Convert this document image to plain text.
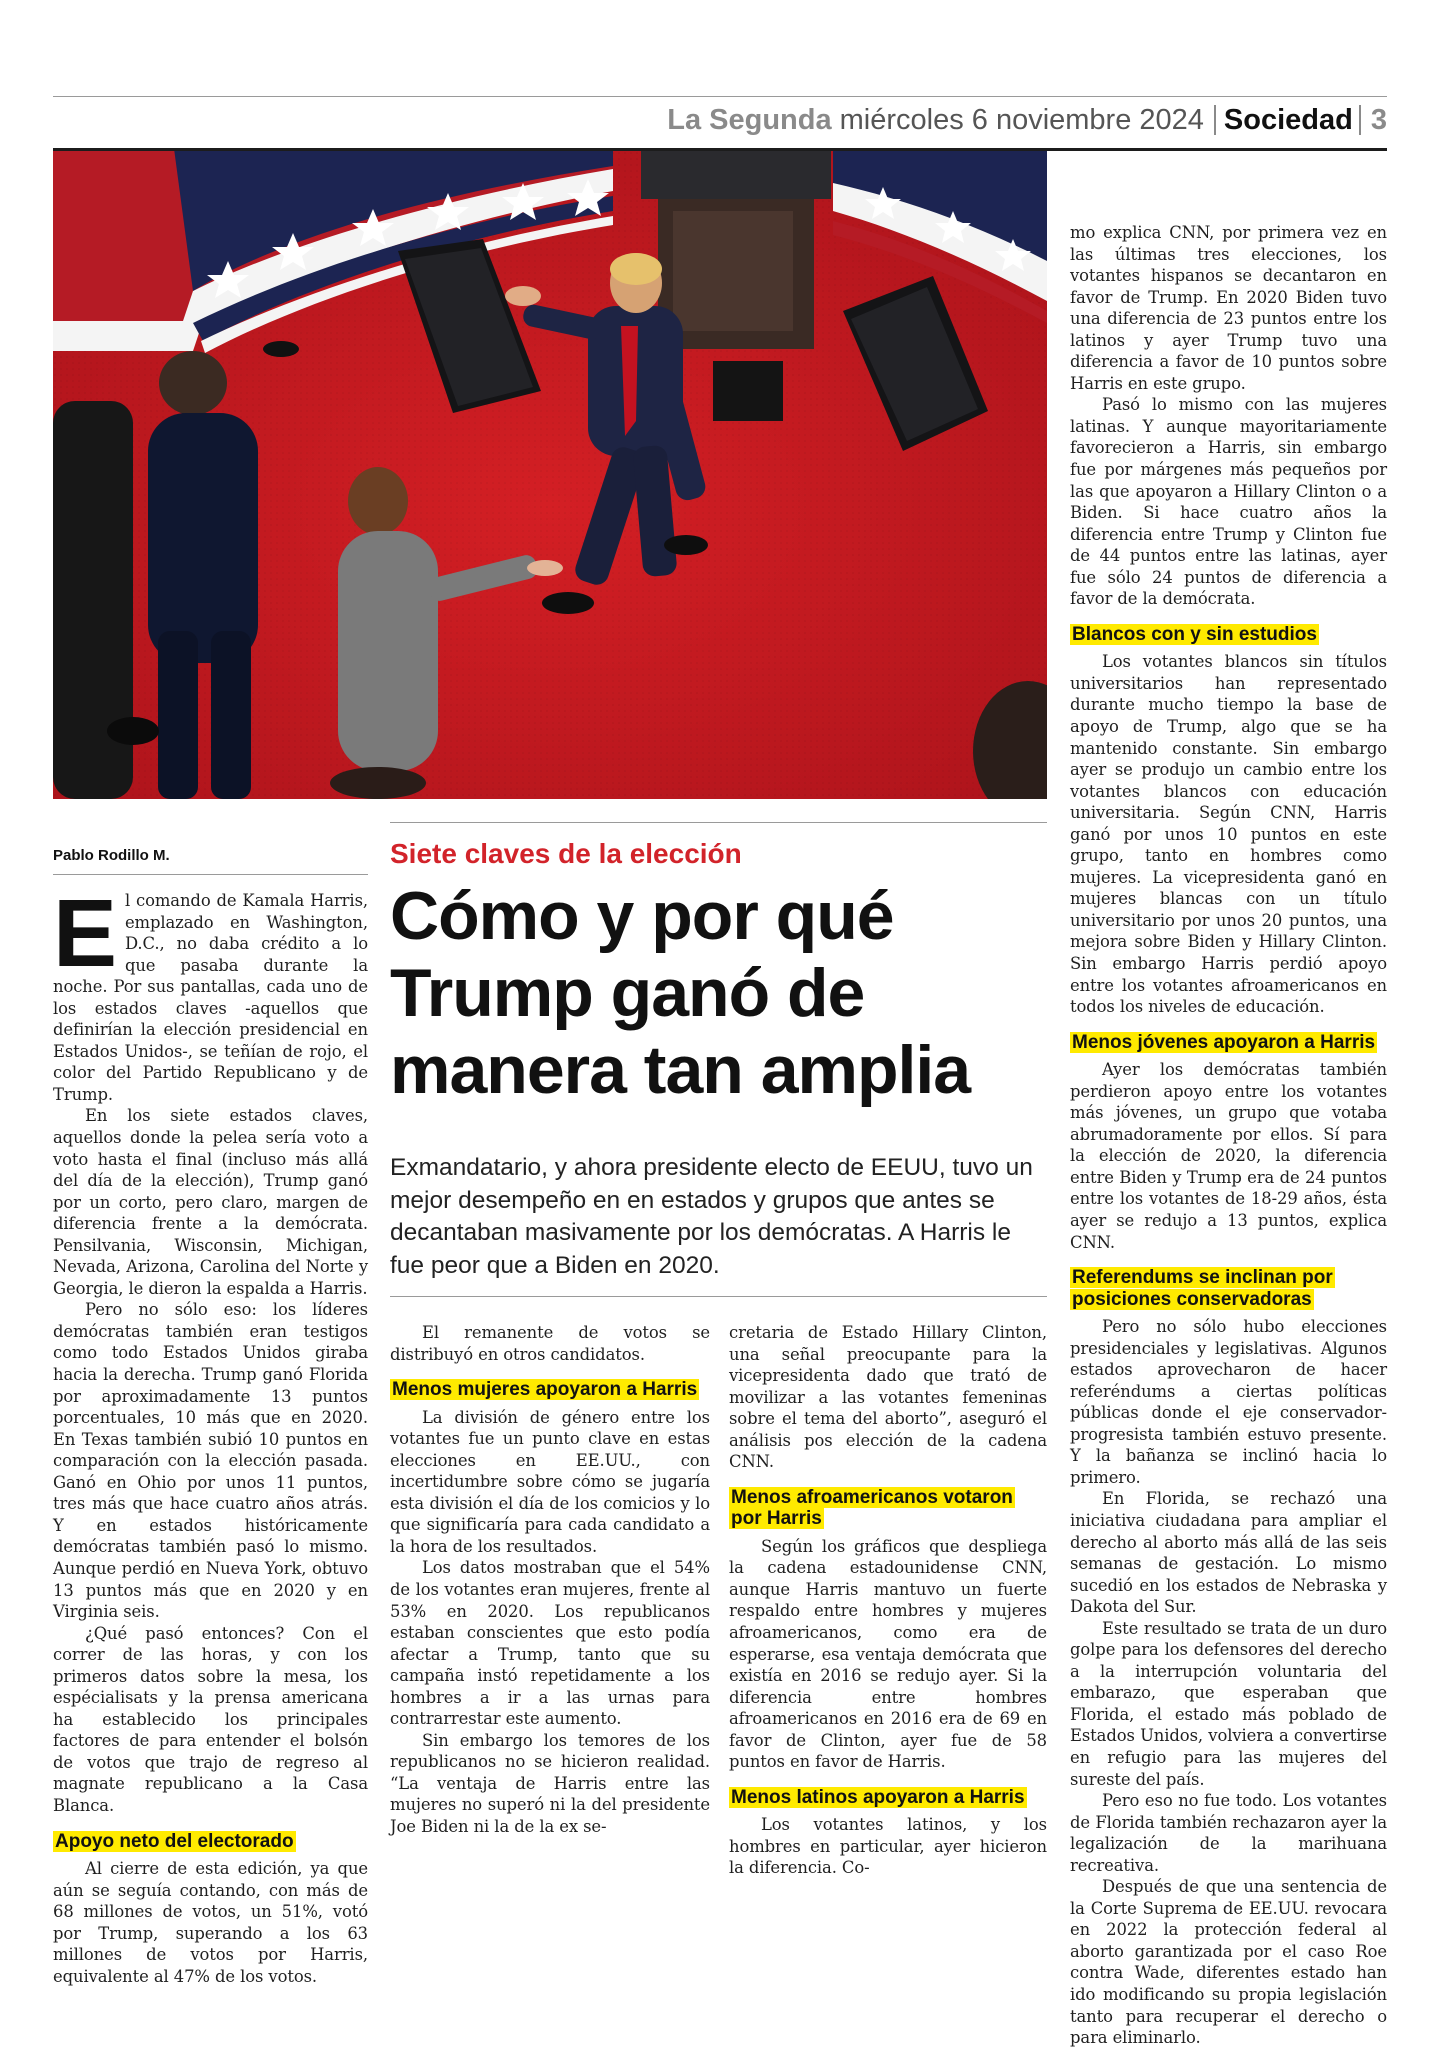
La Segunda miércoles 6 noviembre 2024 Sociedad 3
Pablo Rodillo M.	Siete claves de la elección
Cómo y por qué Trump ganó de manera tan amplia
Exmandatario, y ahora presidente electo de EEUU, tuvo un mejor desempeño en en estados y grupos que antes se decantaban masivamente por los demócratas. A Harris le fue peor que a Biden en 2020.

El comando de Kamala Harris, emplazado en Washington, D.C., no daba crédito a lo que pasaba durante la noche. Por sus pantallas, cada uno de los estados claves -aquellos que definirían la elección presidencial en Estados Unidos-, se teñían de rojo, el color del Partido Republicano y de Trump.

En los siete estados claves, aquellos donde la pelea sería voto a voto hasta el final (incluso más allá del día de la elección), Trump ganó por un corto, pero claro, margen de diferencia frente a la demócrata. Pensilvania, Wisconsin, Michigan, Nevada, Arizona, Carolina del Norte y Georgia, le dieron la espalda a Harris.

Pero no sólo eso: los líderes demócratas también eran testigos como todo Estados Unidos giraba hacia la derecha. Trump ganó Florida por aproximadamente 13 puntos porcentuales, 10 más que en 2020. En Texas también subió 10 puntos en comparación con la elección pasada. Ganó en Ohio por unos 11 puntos, tres más que hace cuatro años atrás. Y en estados históricamente demócratas también pasó lo mismo. Aunque perdió en Nueva York, obtuvo 13 puntos más que en 2020 y en Virginia seis.

¿Qué pasó entonces? Con el correr de las horas, y con los primeros datos sobre la mesa, los espécialisats y la prensa americana ha establecido los principales factores de para entender el bolsón de votos que trajo de regreso al magnate republicano a la Casa Blanca.

Apoyo neto del electorado

Al cierre de esta edición, ya que aún se seguía contando, con más de 68 millones de votos, un 51%, votó por Trump, superando a los 63 millones de votos por Harris, equivalente al 47% de los votos.

El remanente de votos se distribuyó en otros candidatos.

Menos mujeres apoyaron a Harris

La división de género entre los votantes fue un punto clave en estas elecciones en EE.UU., con incertidumbre sobre cómo se jugaría esta división el día de los comicios y lo que significaría para cada candidato a la hora de los resultados.

Los datos mostraban que el 54% de los votantes eran mujeres, frente al 53% en 2020. Los republicanos estaban conscientes que esto podía afectar a Trump, tanto que su campaña instó repetidamente a los hombres a ir a las urnas para contrarrestar este aumento.

Sin embargo los temores de los republicanos no se hicieron realidad. “La ventaja de Harris entre las mujeres no superó ni la del presidente Joe Biden ni la de la ex se-

cretaria de Estado Hillary Clinton, una señal preocupante para la vicepresidenta dado que trató de movilizar a las votantes femeninas sobre el tema del aborto”, aseguró el análisis pos elección de la cadena CNN.

Menos afroamericanos votaron por Harris

Según los gráficos que despliega la cadena estadounidense CNN, aunque Harris mantuvo un fuerte respaldo entre hombres y mujeres afroamericanos, como era de esperarse, esa ventaja demócrata que existía en 2016 se redujo ayer. Si la diferencia entre hombres afroamericanos en 2016 era de 69 en favor de Clinton, ayer fue de 58 puntos en favor de Harris.

Menos latinos apoyaron a Harris

Los votantes latinos, y los hombres en particular, ayer hicieron la diferencia. Co-

mo explica CNN, por primera vez en las últimas tres elecciones, los votantes hispanos se decantaron en favor de Trump. En 2020 Biden tuvo una diferencia de 23 puntos entre los latinos y ayer Trump tuvo una diferencia a favor de 10 puntos sobre Harris en este grupo.

Pasó lo mismo con las mujeres latinas. Y aunque mayoritariamente favorecieron a Harris, sin embargo fue por márgenes más pequeños por las que apoyaron a Hillary Clinton o a Biden. Si hace cuatro años la diferencia entre Trump y Clinton fue de 44 puntos entre las latinas, ayer fue sólo 24 puntos de diferencia a favor de la demócrata.

Blancos con y sin estudios

Los votantes blancos sin títulos universitarios han representado durante mucho tiempo la base de apoyo de Trump, algo que se ha mantenido constante. Sin embargo ayer se produjo un cambio entre los votantes blancos con educación universitaria. Según CNN, Harris ganó por unos 10 puntos en este grupo, tanto en hombres como mujeres. La vicepresidenta ganó en mujeres blancas con un título universitario por unos 20 puntos, una mejora sobre Biden y Hillary Clinton. Sin embargo Harris perdió apoyo entre los votantes afroamericanos en todos los niveles de educación.

Menos jóvenes apoyaron a Harris

Ayer los demócratas también perdieron apoyo entre los votantes más jóvenes, un grupo que votaba abrumadoramente por ellos. Sí para la elección de 2020, la diferencia entre Biden y Trump era de 24 puntos entre los votantes de 18-29 años, ésta ayer se redujo a 13 puntos, explica CNN.

Referendums se inclinan por posiciones conservadoras

Pero no sólo hubo elecciones presidenciales y legislativas. Algunos estados aprovecharon de hacer referéndums a ciertas políticas públicas donde el eje conservador-progresista también estuvo presente. Y la bañanza se inclinó hacia lo primero.

En Florida, se rechazó una iniciativa ciudadana para ampliar el derecho al aborto más allá de las seis semanas de gestación. Lo mismo sucedió en los estados de Nebraska y Dakota del Sur.

Este resultado se trata de un duro golpe para los defensores del derecho a la interrupción voluntaria del embarazo, que esperaban que Florida, el estado más poblado de Estados Unidos, volviera a convertirse en refugio para las mujeres del sureste del país.

Pero eso no fue todo. Los votantes de Florida también rechazaron ayer la legalización de la marihuana recreativa.

Después de que una sentencia de la Corte Suprema de EE.UU. revocara en 2022 la protección federal al aborto garantizada por el caso Roe contra Wade, diferentes estado han ido modificando su propia legislación tanto para recuperar el derecho o para eliminarlo.
